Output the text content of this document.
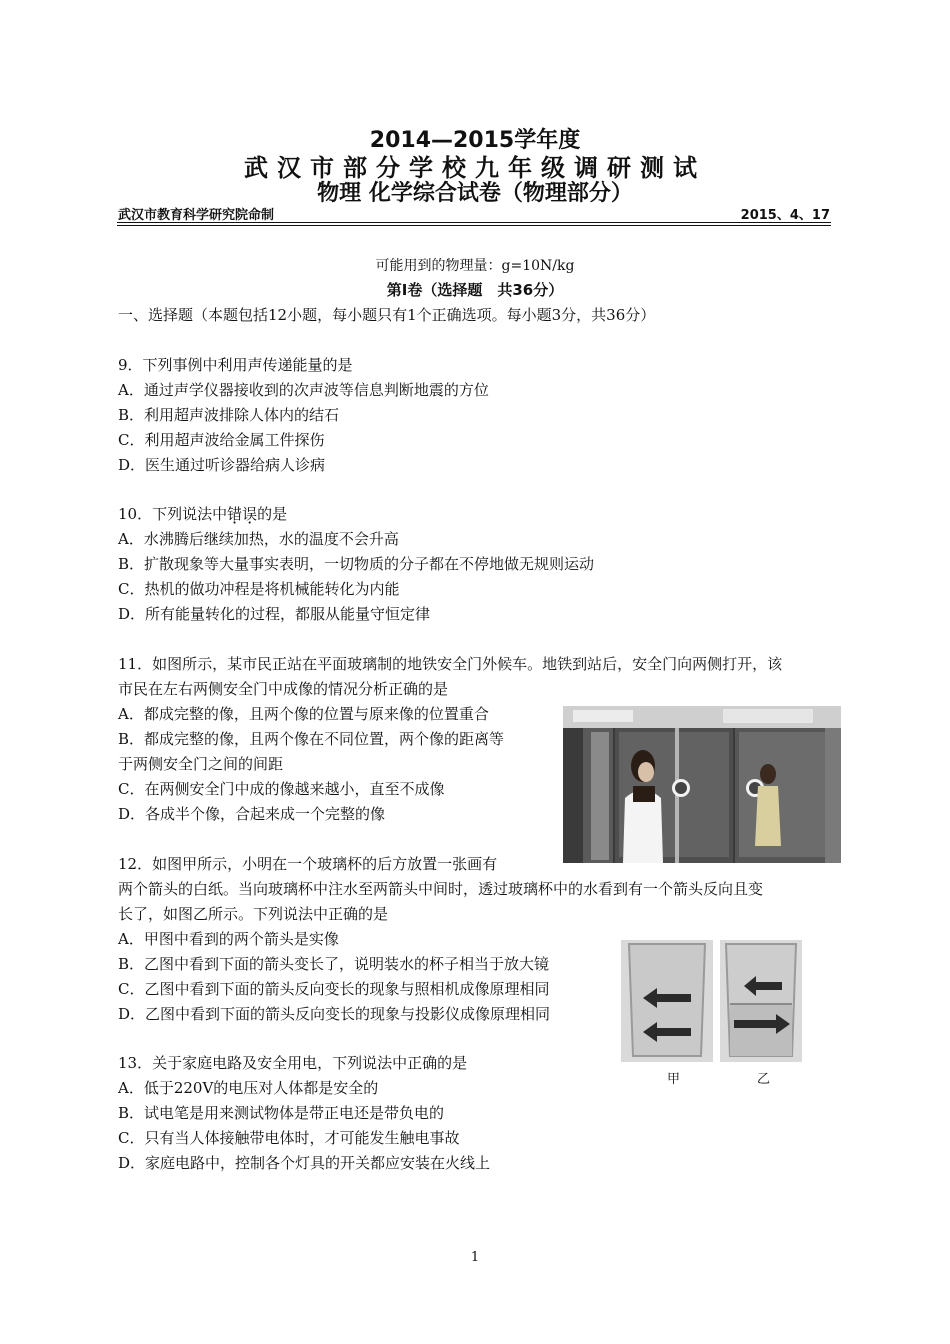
2014—2015学年度
武汉市部分学校九年级调研测试
物理 化学综合试卷（物理部分）
武汉市教育科学研究院命制	2015、4、17
可能用到的物理量：g=10N/kg
第Ⅰ卷（选择题　共36分）
一、选择题（本题包括12小题，每小题只有1个正确选项。每小题3分，共36分）
9．下列事例中利用声传递能量的是
A．通过声学仪器接收到的次声波等信息判断地震的方位
B．利用超声波排除人体内的结石
C．利用超声波给金属工件探伤
D．医生通过听诊器给病人诊病
10．下列说法中错误的是
A．水沸腾后继续加热，水的温度不会升高
B．扩散现象等大量事实表明，一切物质的分子都在不停地做无规则运动
C．热机的做功冲程是将机械能转化为内能
D．所有能量转化的过程，都服从能量守恒定律
11．如图所示，某市民正站在平面玻璃制的地铁安全门外候车。地铁到站后，安全门向两侧打开，该
市民在左右两侧安全门中成像的情况分析正确的是
A．都成完整的像，且两个像的位置与原来像的位置重合
B．都成完整的像，且两个像在不同位置，两个像的距离等
于两侧安全门之间的间距
C．在两侧安全门中成的像越来越小，直至不成像
D．各成半个像，合起来成一个完整的像
12．如图甲所示，小明在一个玻璃杯的后方放置一张画有
两个箭头的白纸。当向玻璃杯中注水至两箭头中间时，透过玻璃杯中的水看到有一个箭头反向且变
长了，如图乙所示。下列说法中正确的是
A．甲图中看到的两个箭头是实像
B．乙图中看到下面的箭头变长了，说明装水的杯子相当于放大镜
C．乙图中看到下面的箭头反向变长的现象与照相机成像原理相同
D．乙图中看到下面的箭头反向变长的现象与投影仪成像原理相同
甲	乙
13．关于家庭电路及安全用电，下列说法中正确的是
A．低于220V的电压对人体都是安全的
B．试电笔是用来测试物体是带正电还是带负电的
C．只有当人体接触带电体时，才可能发生触电事故
D．家庭电路中，控制各个灯具的开关都应安装在火线上
1
